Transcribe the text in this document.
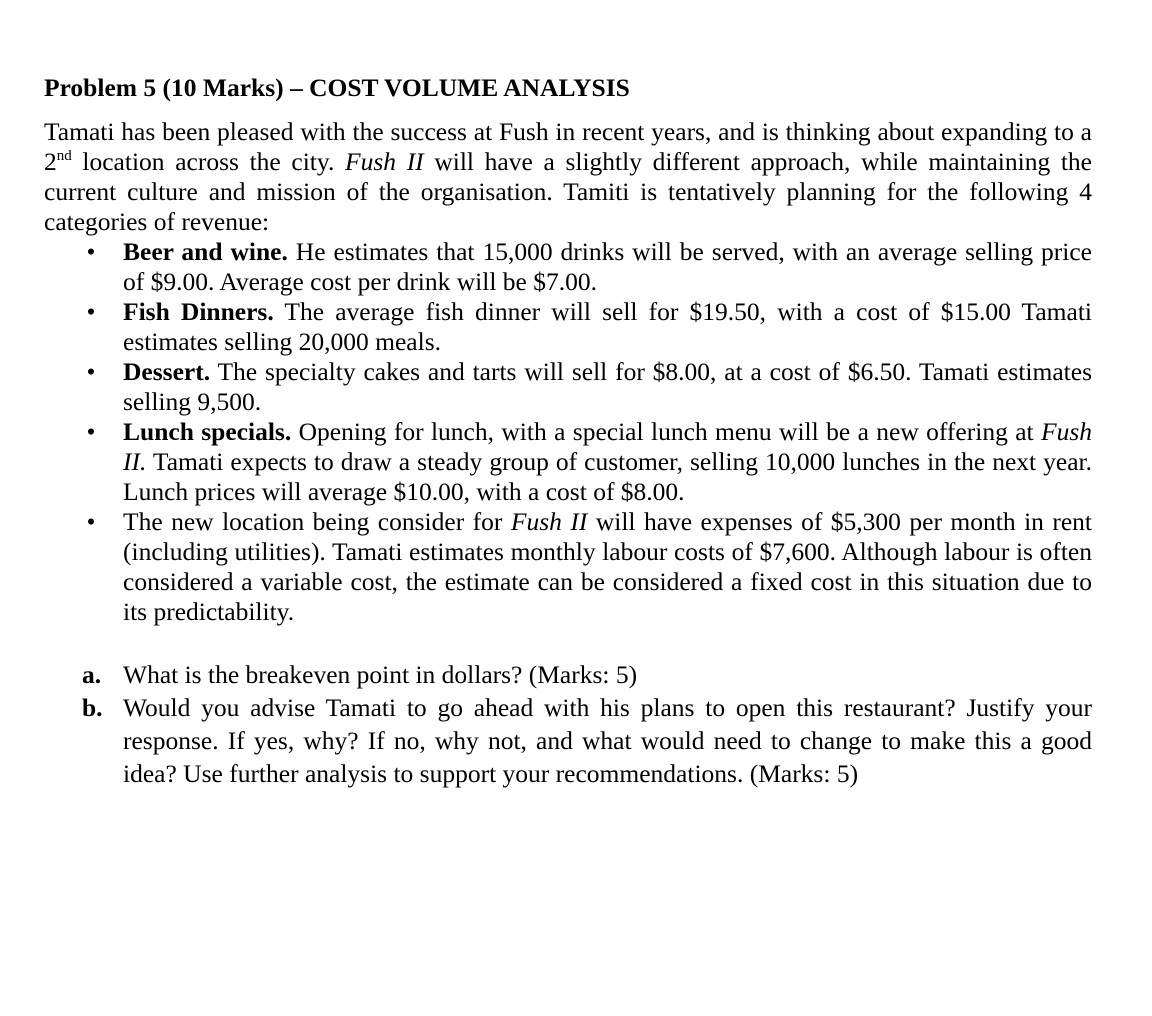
Problem 5 (10 Marks) – COST VOLUME ANALYSIS

Tamati has been pleased with the success at Fush in recent years, and is thinking about expanding to a 2nd location across the city. Fush II will have a slightly different approach, while maintaining the current culture and mission of the organisation. Tamiti is tentatively planning for the following 4 categories of revenue:

• Beer and wine. He estimates that 15,000 drinks will be served, with an average selling price of $9.00. Average cost per drink will be $7.00.
• Fish Dinners. The average fish dinner will sell for $19.50, with a cost of $15.00 Tamati estimates selling 20,000 meals.
• Dessert. The specialty cakes and tarts will sell for $8.00, at a cost of $6.50. Tamati estimates selling 9,500.
• Lunch specials. Opening for lunch, with a special lunch menu will be a new offering at Fush II. Tamati expects to draw a steady group of customer, selling 10,000 lunches in the next year. Lunch prices will average $10.00, with a cost of $8.00.
• The new location being consider for Fush II will have expenses of $5,300 per month in rent (including utilities). Tamati estimates monthly labour costs of $7,600. Although labour is often considered a variable cost, the estimate can be considered a fixed cost in this situation due to its predictability.
a. What is the breakeven point in dollars? (Marks: 5)
b. Would you advise Tamati to go ahead with his plans to open this restaurant? Justify your response. If yes, why? If no, why not, and what would need to change to make this a good idea? Use further analysis to support your recommendations. (Marks: 5)
